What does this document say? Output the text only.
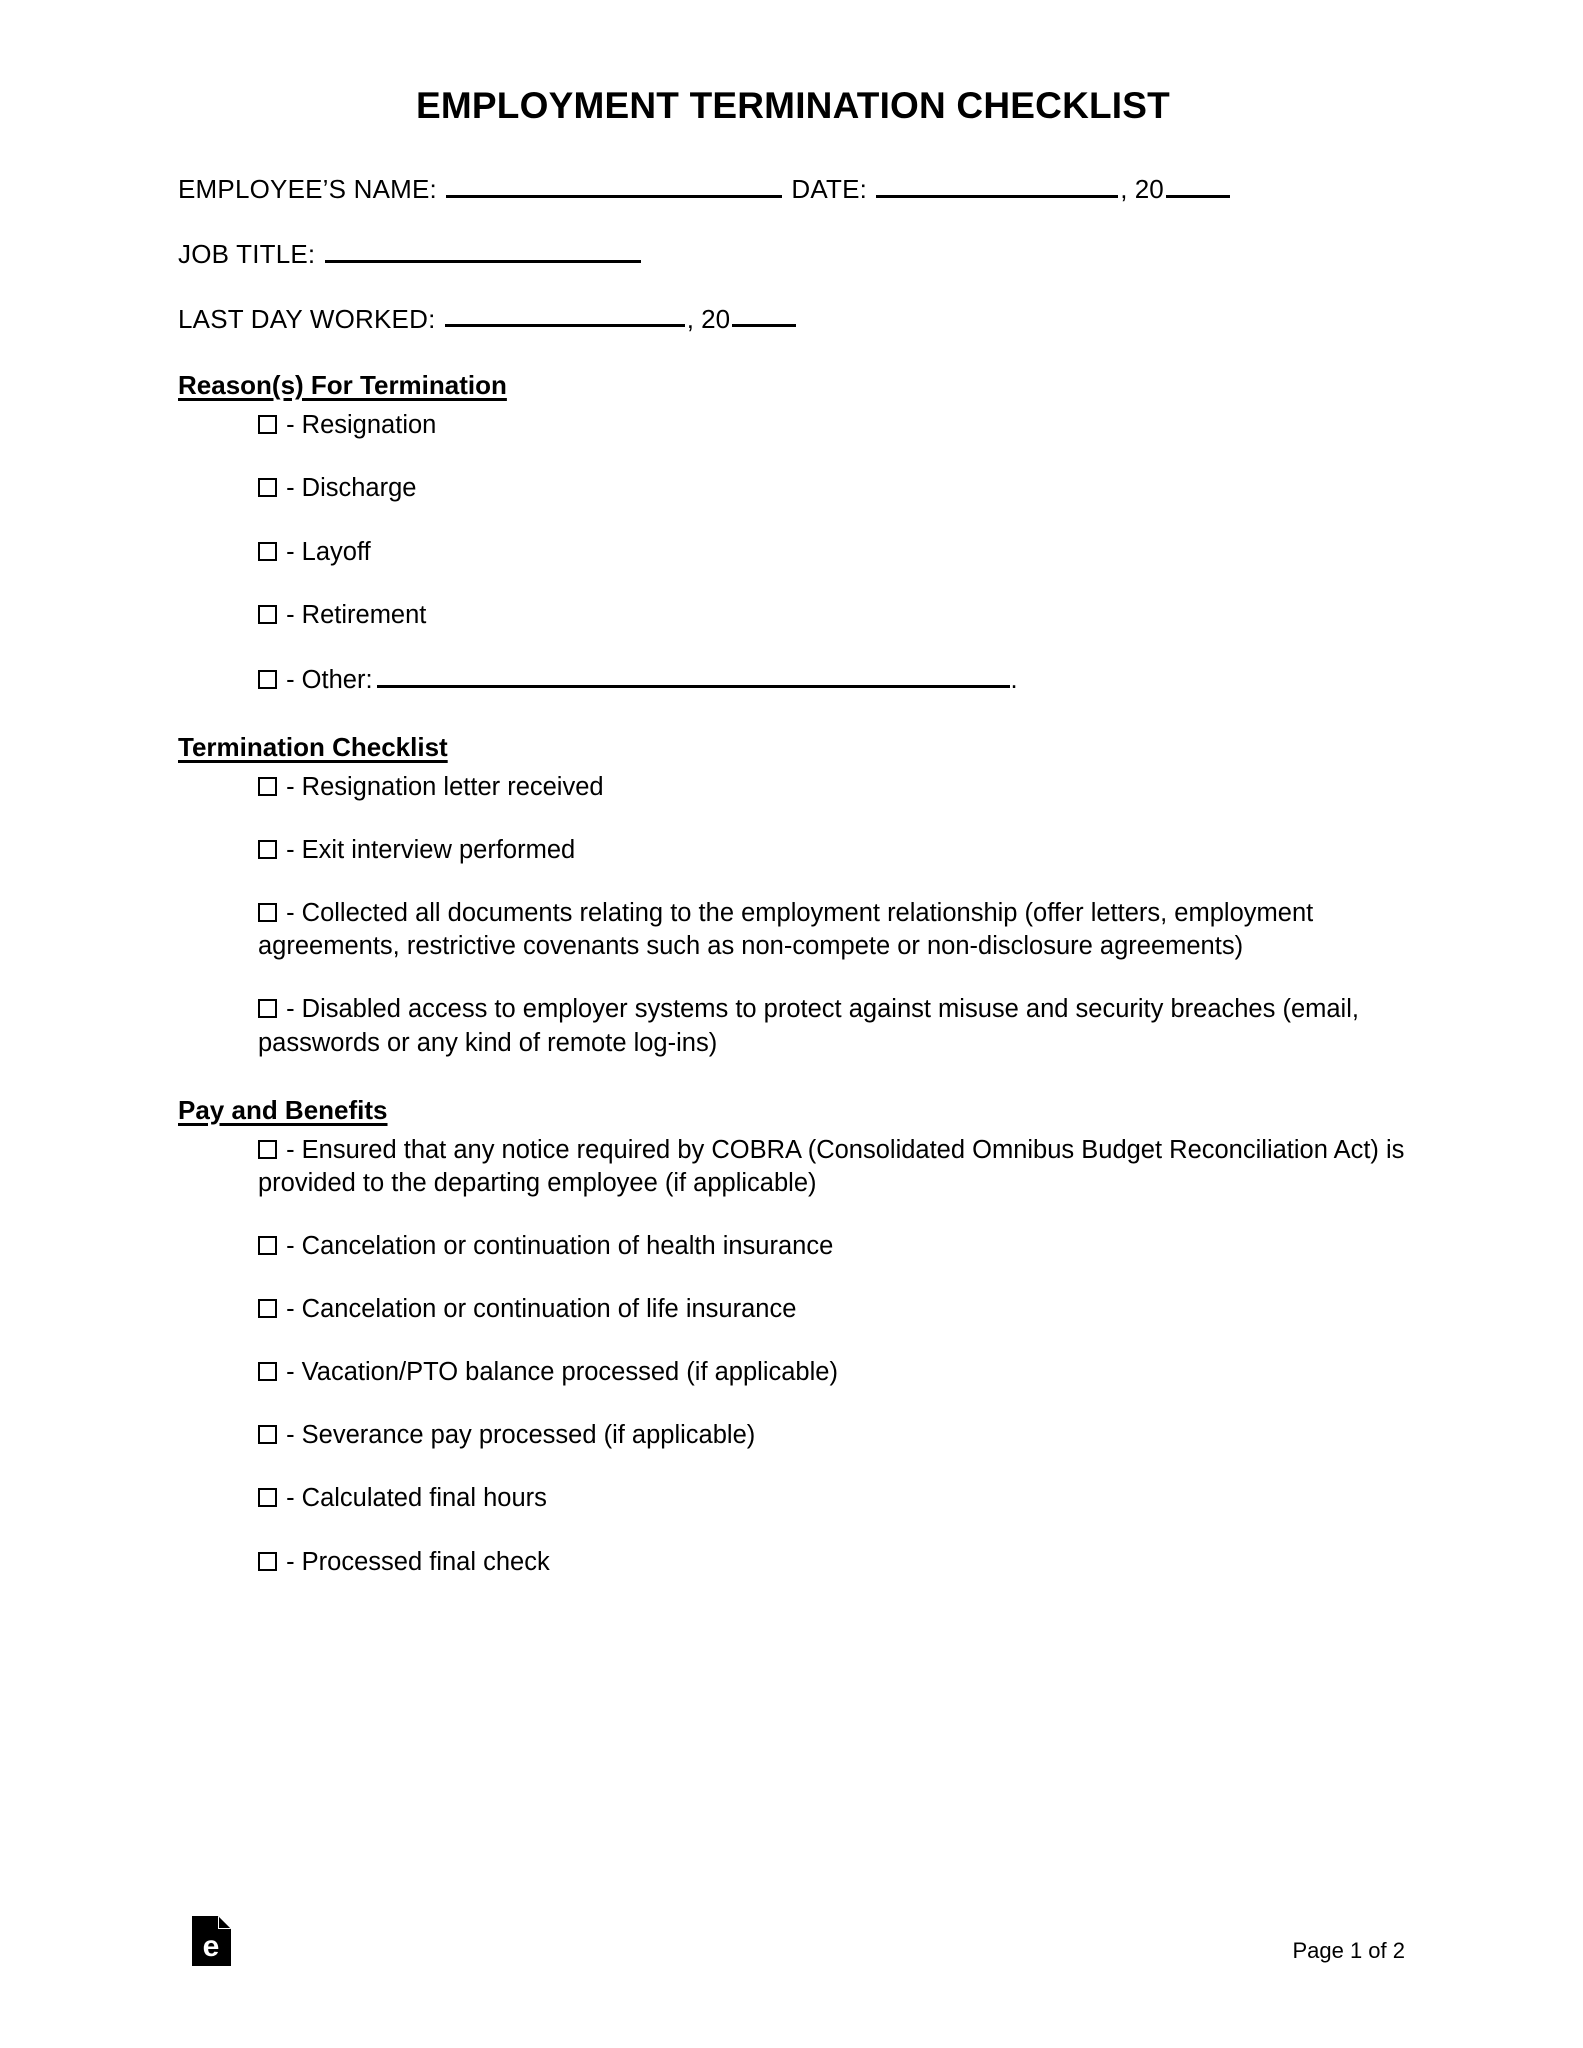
EMPLOYMENT TERMINATION CHECKLIST
EMPLOYEE’S NAME:	DATE:	, 20
JOB TITLE:
LAST DAY WORKED:	, 20
Reason(s) For Termination
- Resignation
- Discharge
- Layoff
- Retirement
- Other:	.
Termination Checklist
- Resignation letter received
- Exit interview performed
- Collected all documents relating to the employment relationship (offer letters, employment agreements, restrictive covenants such as non-compete or non-disclosure agreements)
- Disabled access to employer systems to protect against misuse and security breaches (email, passwords or any kind of remote log-ins)
Pay and Benefits
- Ensured that any notice required by COBRA (Consolidated Omnibus Budget Reconciliation Act) is provided to the departing employee (if applicable)
- Cancelation or continuation of health insurance
- Cancelation or continuation of life insurance
- Vacation/PTO balance processed (if applicable)
- Severance pay processed (if applicable)
- Calculated final hours
- Processed final check
e	Page 1 of 2
